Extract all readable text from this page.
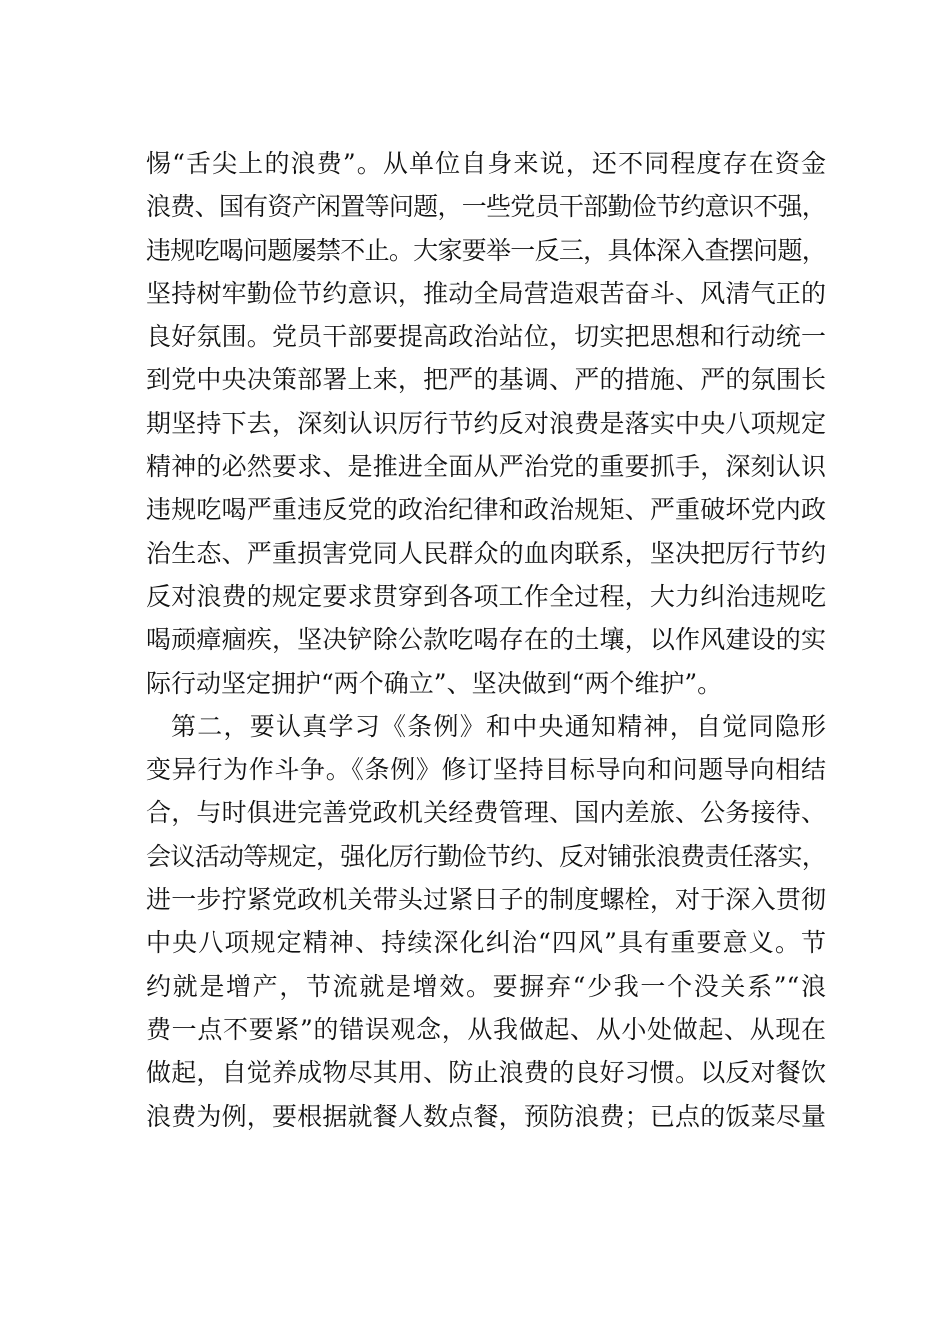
惕“舌尖上的浪费”。从单位自身来说，还不同程度存在资金
浪费、国有资产闲置等问题，一些党员干部勤俭节约意识不强，
违规吃喝问题屡禁不止。大家要举一反三，具体深入查摆问题，
坚持树牢勤俭节约意识，推动全局营造艰苦奋斗、风清气正的
良好氛围。党员干部要提高政治站位，切实把思想和行动统一
到党中央决策部署上来，把严的基调、严的措施、严的氛围长
期坚持下去，深刻认识厉行节约反对浪费是落实中央八项规定
精神的必然要求、是推进全面从严治党的重要抓手，深刻认识
违规吃喝严重违反党的政治纪律和政治规矩、严重破坏党内政
治生态、严重损害党同人民群众的血肉联系，坚决把厉行节约
反对浪费的规定要求贯穿到各项工作全过程，大力纠治违规吃
喝顽瘴痼疾，坚决铲除公款吃喝存在的土壤，以作风建设的实
际行动坚定拥护“两个确立”、坚决做到“两个维护”。
第二，要认真学习《条例》和中央通知精神，自觉同隐形
变异行为作斗争。《条例》修订坚持目标导向和问题导向相结
合，与时俱进完善党政机关经费管理、国内差旅、公务接待、
会议活动等规定，强化厉行勤俭节约、反对铺张浪费责任落实，
进一步拧紧党政机关带头过紧日子的制度螺栓，对于深入贯彻
中央八项规定精神、持续深化纠治“四风”具有重要意义。节
约就是增产，节流就是增效。要摒弃“少我一个没关系”“浪
费一点不要紧”的错误观念，从我做起、从小处做起、从现在
做起，自觉养成物尽其用、防止浪费的良好习惯。以反对餐饮
浪费为例，要根据就餐人数点餐，预防浪费；已点的饭菜尽量
